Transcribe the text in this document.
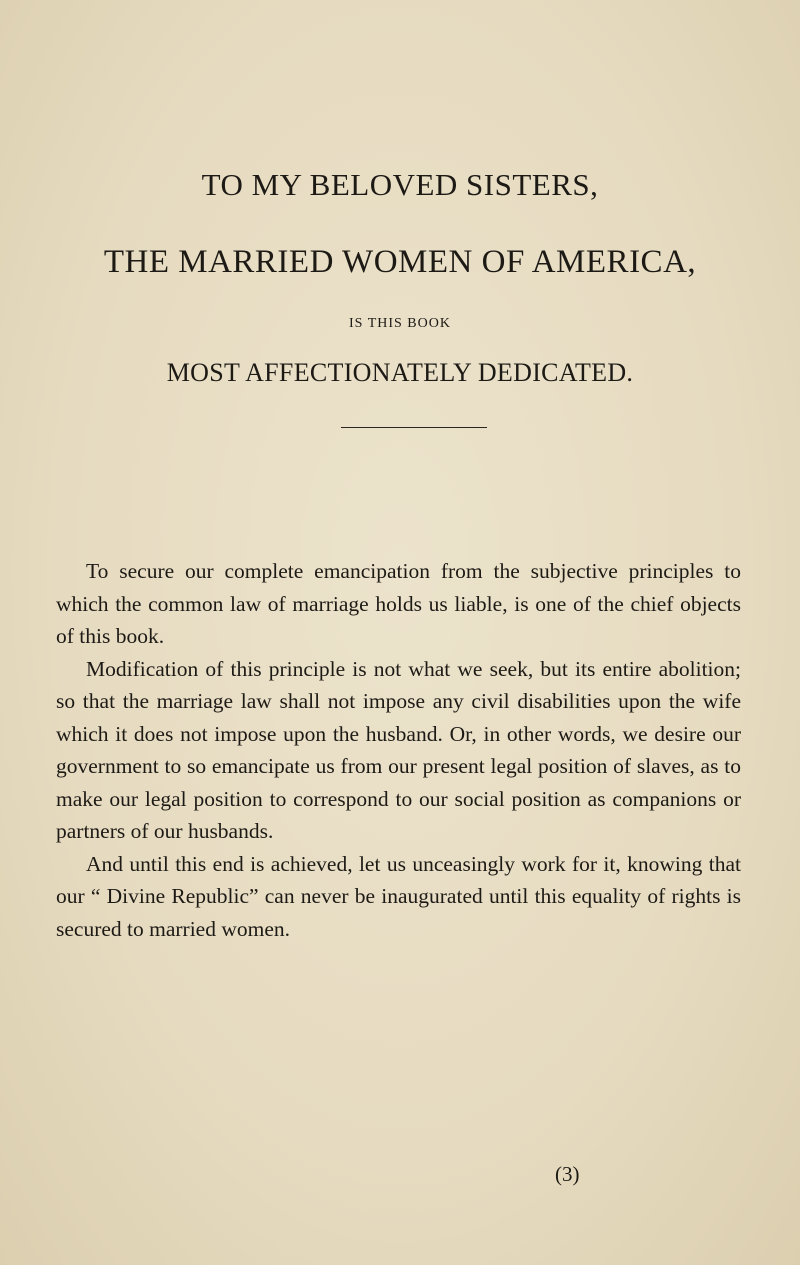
TO MY BELOVED SISTERS,
THE MARRIED WOMEN OF AMERICA,
IS THIS BOOK
MOST AFFECTIONATELY DEDICATED.

To secure our complete emancipation from the subjective principles to which the common law of marriage holds us liable, is one of the chief objects of this book.

Modification of this principle is not what we seek, but its entire abolition; so that the marriage law shall not impose any civil disabilities upon the wife which it does not impose upon the husband. Or, in other words, we desire our government to so emancipate us from our present legal position of slaves, as to make our legal position to correspond to our social position as companions or partners of our husbands.

And until this end is achieved, let us unceasingly work for it, knowing that our “ Divine Republic” can never be inaugurated until this equality of rights is secured to married women.

(3)
